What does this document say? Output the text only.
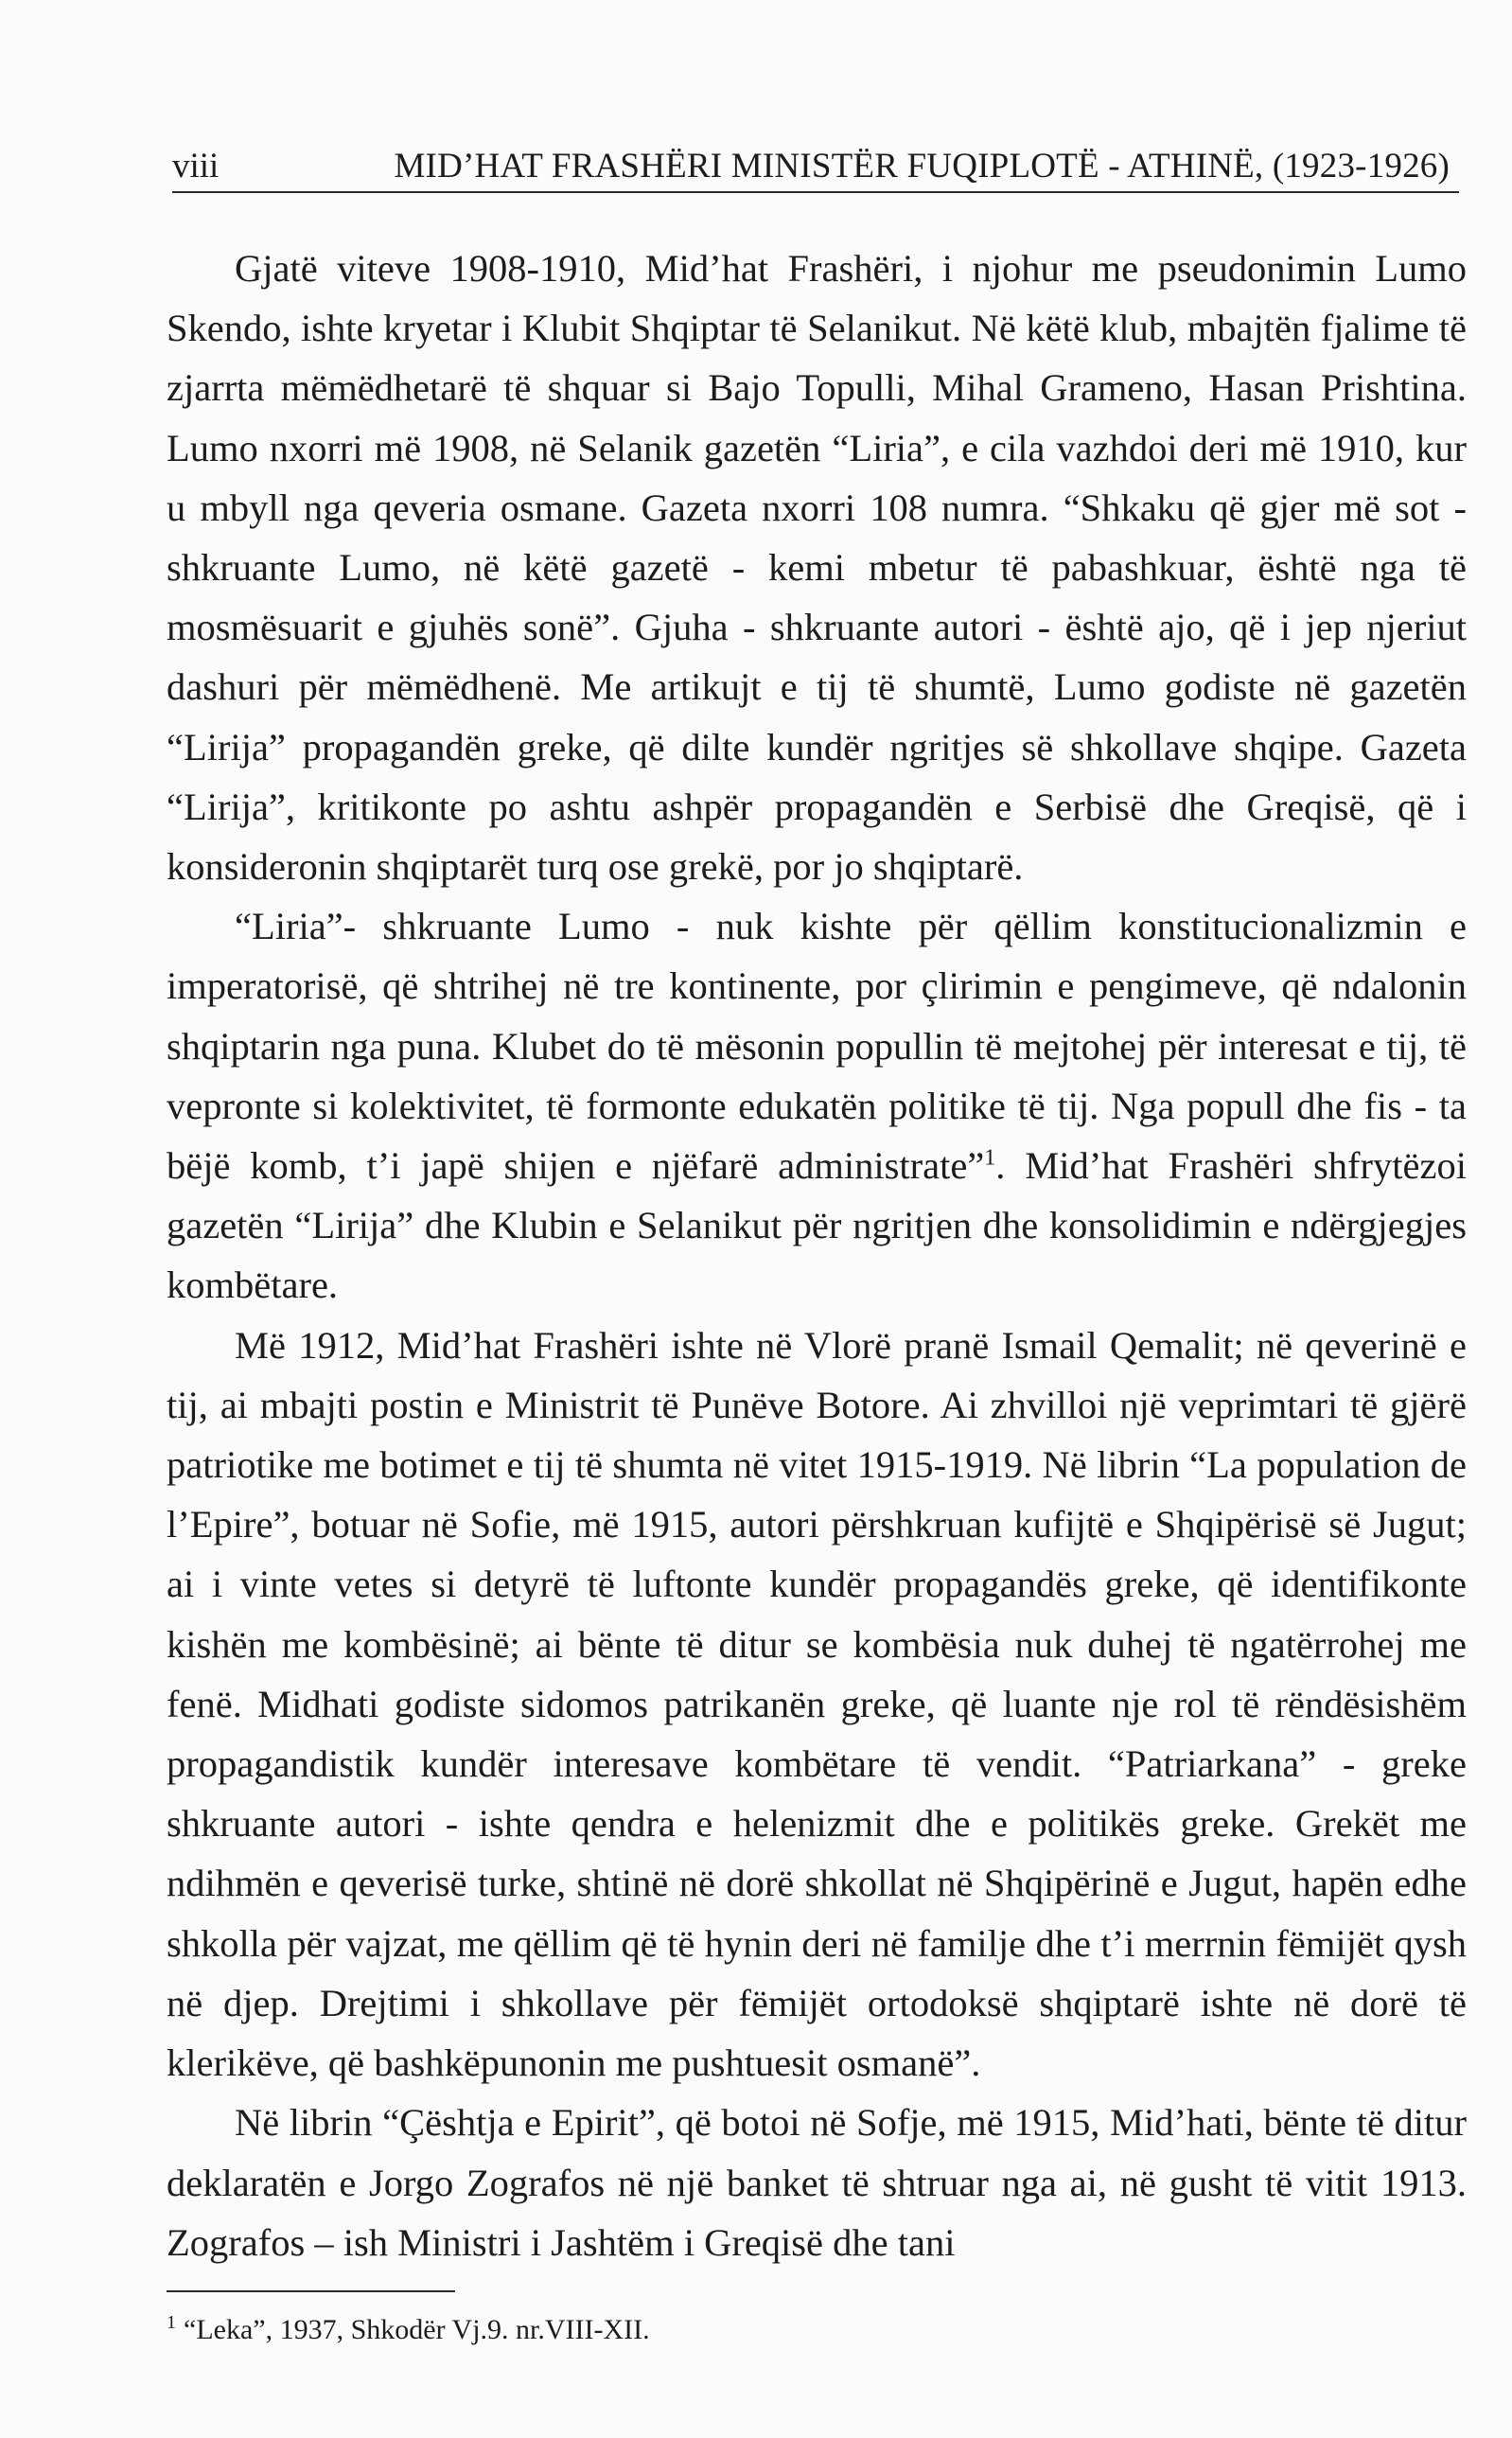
viii	MID’HAT FRASHËRI MINISTËR FUQIPLOTË - ATHINË, (1923-1926)

Gjatë viteve 1908-1910, Mid’hat Frashëri, i njohur me pseudonimin Lumo Skendo, ishte kryetar i Klubit Shqiptar të Selanikut. Në këtë klub, mbajtën fjalime të zjarrta mëmëdhetarë të shquar si Bajo Topulli, Mihal Grameno, Hasan Prishtina. Lumo nxorri më 1908, në Selanik gazetën “Liria”, e cila vazhdoi deri më 1910, kur u mbyll nga qeveria osmane. Gazeta nxorri 108 numra. “Shkaku që gjer më sot - shkruante Lumo, në këtë gazetë - kemi mbetur të pabashkuar, është nga të mosmësuarit e gjuhës sonë”. Gjuha - shkruante autori - është ajo, që i jep njeriut dashuri për mëmëdhenë. Me artikujt e tij të shumtë, Lumo godiste në gazetën “Lirija” propagandën greke, që dilte kundër ngritjes së shkollave shqipe. Gazeta “Lirija”, kritikonte po ashtu ashpër propagandën e Serbisë dhe Greqisë, që i konsideronin shqiptarët turq ose grekë, por jo shqiptarë.

“Liria”- shkruante Lumo - nuk kishte për qëllim konstitucionalizmin e imperatorisë, që shtrihej në tre kontinente, por çlirimin e pengimeve, që ndalonin shqiptarin nga puna. Klubet do të mësonin popullin të mejtohej për interesat e tij, të vepronte si kolektivitet, të formonte edukatën politike të tij. Nga popull dhe fis - ta bëjë komb, t’i japë shijen e njëfarë administrate”$^1$. Mid’hat Frashëri shfrytëzoi gazetën “Lirija” dhe Klubin e Selanikut për ngritjen dhe konsolidimin e ndërgjegjes kombëtare.

Më 1912, Mid’hat Frashëri ishte në Vlorë pranë Ismail Qemalit; në qeverinë e tij, ai mbajti postin e Ministrit të Punëve Botore. Ai zhvilloi një veprimtari të gjërë patriotike me botimet e tij të shumta në vitet 1915-1919. Në librin “La population de l’Epire”, botuar në Sofie, më 1915, autori përshkruan kufijtë e Shqipërisë së Jugut; ai i vinte vetes si detyrë të luftonte kundër propagandës greke, që identifikonte kishën me kombësinë; ai bënte të ditur se kombësia nuk duhej të ngatërrohej me fenë. Midhati godiste sidomos patrikanën greke, që luante nje rol të rëndësishëm propagandistik kundër interesave kombëtare të vendit. “Patriarkana” - greke shkruante autori - ishte qendra e helenizmit dhe e politikës greke. Grekët me ndihmën e qeverisë turke, shtinë në dorë shkollat në Shqipërinë e Jugut, hapën edhe shkolla për vajzat, me qëllim që të hynin deri në familje dhe t’i merrnin fëmijët qysh në djep. Drejtimi i shkollave për fëmijët ortodoksë shqiptarë ishte në dorë të klerikëve, që bashkëpunonin me pushtuesit osmanë”.

Në librin “Çështja e Epirit”, që botoi në Sofje, më 1915, Mid’hati, bënte të ditur deklaratën e Jorgo Zografos në një banket të shtruar nga ai, në gusht të vitit 1913. Zografos – ish Ministri i Jashtëm i Greqisë dhe tani

$^1$ “Leka”, 1937, Shkodër Vj.9. nr.VIII-XII.
